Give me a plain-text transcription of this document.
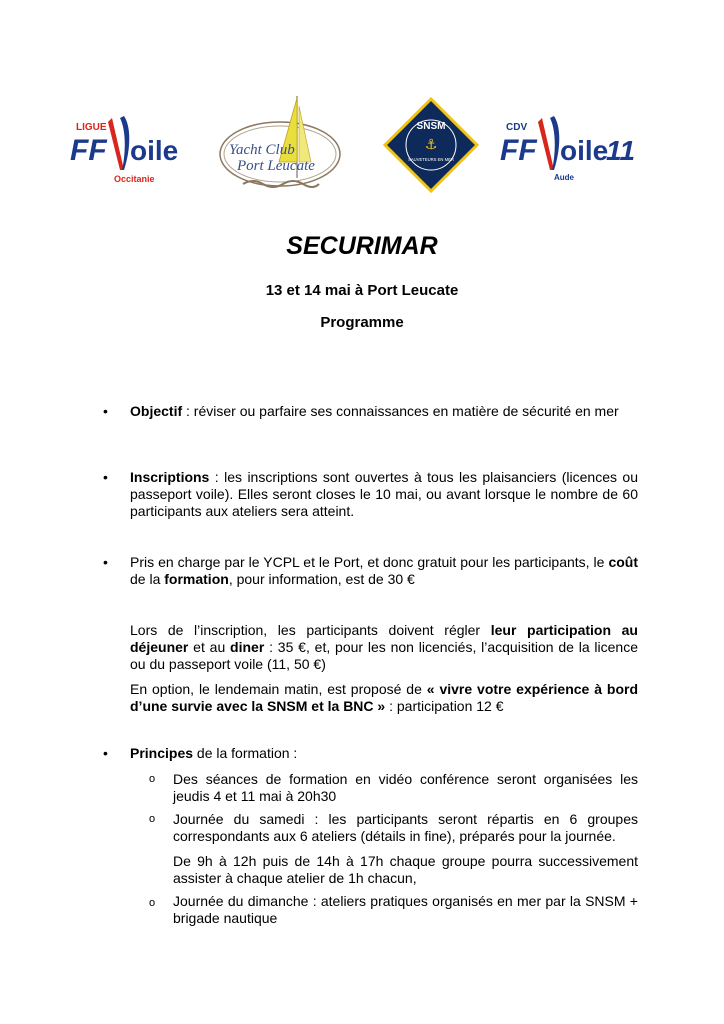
LIGUE
FF oile
Occitanie
Yacht Club
Port Leucate
SNSM
⚓
SAUVETEURS EN MER
CDV
FF oile
11
Aude
SECURIMAR
13 et 14 mai à Port Leucate
Programme
• Objectif : réviser ou parfaire ses connaissances en matière de sécurité en mer
• Inscriptions : les inscriptions sont ouvertes à tous les plaisanciers (licences ou passeport voile). Elles seront closes le 10 mai, ou avant lorsque le nombre de 60 participants aux ateliers sera atteint.
• Pris en charge par le YCPL et le Port, et donc gratuit pour les participants, le coût de la formation, pour information, est de 30 €
Lors de l’inscription, les participants doivent régler leur participation au déjeuner et au diner : 35 €, et, pour les non licenciés, l’acquisition de la licence ou du passeport voile (11, 50 €)
En option, le lendemain matin, est proposé de « vivre votre expérience à bord d’une survie avec la SNSM et la BNC » : participation 12 €
• Principes de la formation :
o Des séances de formation en vidéo conférence seront organisées les jeudis 4 et 11 mai à 20h30
o Journée du samedi : les participants seront répartis en 6 groupes correspondants aux 6 ateliers (détails in fine), préparés pour la journée.
De 9h à 12h puis de 14h à 17h chaque groupe pourra successivement assister à chaque atelier de 1h chacun,
o Journée du dimanche : ateliers pratiques organisés en mer par la SNSM + brigade nautique
